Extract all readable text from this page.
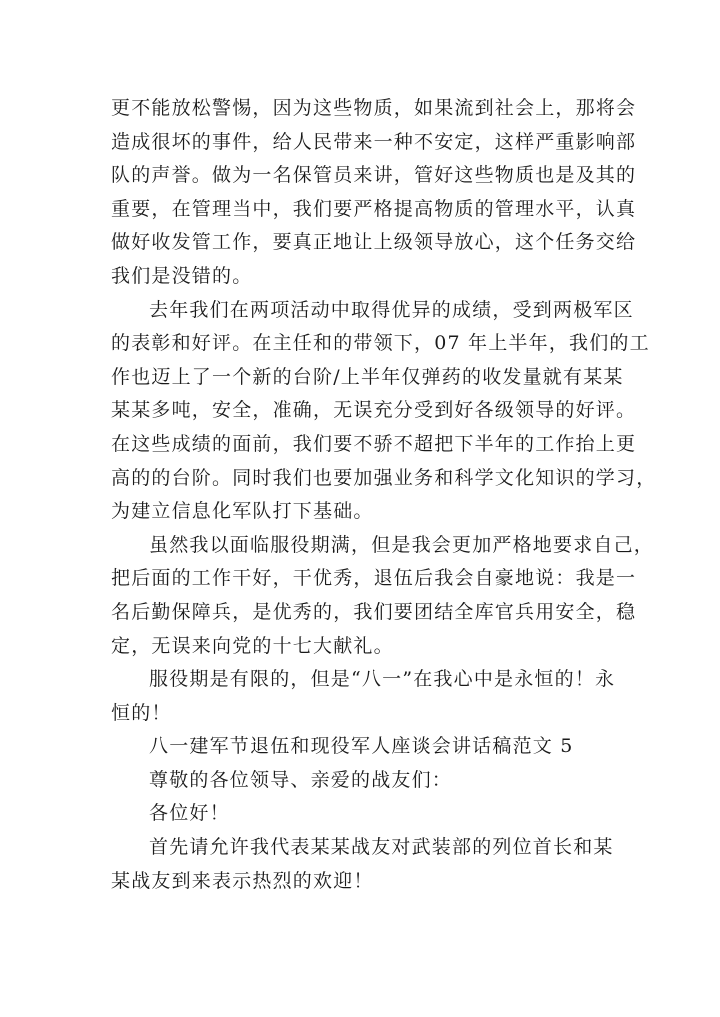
更不能放松警惕，因为这些物质，如果流到社会上，那将会
造成很坏的事件，给人民带来一种不安定，这样严重影响部
队的声誉。做为一名保管员来讲，管好这些物质也是及其的
重要，在管理当中，我们要严格提高物质的管理水平，认真
做好收发管工作，要真正地让上级领导放心，这个任务交给
我们是没错的。
去年我们在两项活动中取得优异的成绩，受到两极军区
的表彰和好评。在主任和的带领下，07 年上半年，我们的工
作也迈上了一个新的台阶/上半年仅弹药的收发量就有某某
某某多吨，安全，准确，无误充分受到好各级领导的好评。
在这些成绩的面前，我们要不骄不超把下半年的工作抬上更
高的的台阶。同时我们也要加强业务和科学文化知识的学习，
为建立信息化军队打下基础。
虽然我以面临服役期满，但是我会更加严格地要求自己，
把后面的工作干好，干优秀，退伍后我会自豪地说：我是一
名后勤保障兵，是优秀的，我们要团结全库官兵用安全，稳
定，无误来向党的十七大献礼。
服役期是有限的，但是“八一”在我心中是永恒的！永
恒的！
八一建军节退伍和现役军人座谈会讲话稿范文 5
尊敬的各位领导、亲爱的战友们：
各位好！
首先请允许我代表某某战友对武装部的列位首长和某
某战友到来表示热烈的欢迎！
